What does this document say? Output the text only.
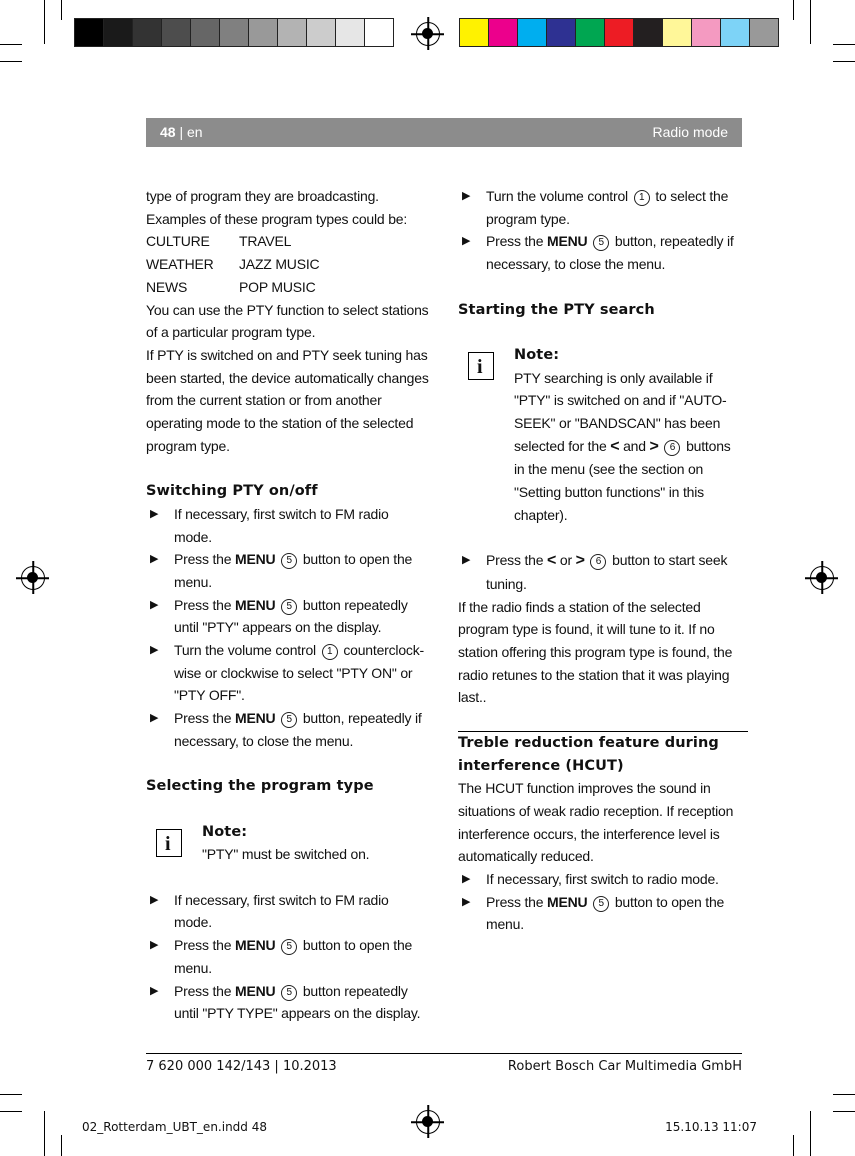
48 | en	Radio mode

type of program they are broadcasting.

Examples of these program types could be:

CULTURE	TRAVEL
WEATHER	JAZZ MUSIC
NEWS	POP MUSIC

You can use the PTY function to select stations

of a particular program type.

If PTY is switched on and PTY seek tuning has

been started, the device automatically changes

from the current station or from another

operating mode to the station of the selected

program type.

Switching PTY on/off

▶ If necessary, first switch to FM radio

mode.

▶ Press the MENU 5 button to open the

menu.

▶ Press the MENU 5 button repeatedly

until "PTY" appears on the display.

▶ Turn the volume control 1 counterclock-

wise or clockwise to select "PTY ON" or

"PTY OFF".

▶ Press the MENU 5 button, repeatedly if

necessary, to close the menu.

Selecting the program type

i

Note:

"PTY" must be switched on.

▶ If necessary, first switch to FM radio

mode.

▶ Press the MENU 5 button to open the

menu.

▶ Press the MENU 5 button repeatedly

until "PTY TYPE" appears on the display.

▶ Turn the volume control 1 to select the

program type.

▶ Press the MENU 5 button, repeatedly if

necessary, to close the menu.

Starting the PTY search

i

Note:

PTY searching is only available if

"PTY" is switched on and if "AUTO-

SEEK" or "BANDSCAN" has been

selected for the < and > 6 buttons

in the menu (see the section on

"Setting button functions" in this

chapter).

▶ Press the < or > 6 button to start seek

tuning.

If the radio finds a station of the selected

program type is found, it will tune to it. If no

station offering this program type is found, the

radio retunes to the station that it was playing

last..

Treble reduction feature during

interference (HCUT)

The HCUT function improves the sound in

situations of weak radio reception. If reception

interference occurs, the interference level is

automatically reduced.

▶ If necessary, first switch to radio mode.

▶ Press the MENU 5 button to open the

menu.

7 620 000 142/143 | 10.2013	Robert Bosch Car Multimedia GmbH
02_Rotterdam_UBT_en.indd 48	15.10.13 11:07
